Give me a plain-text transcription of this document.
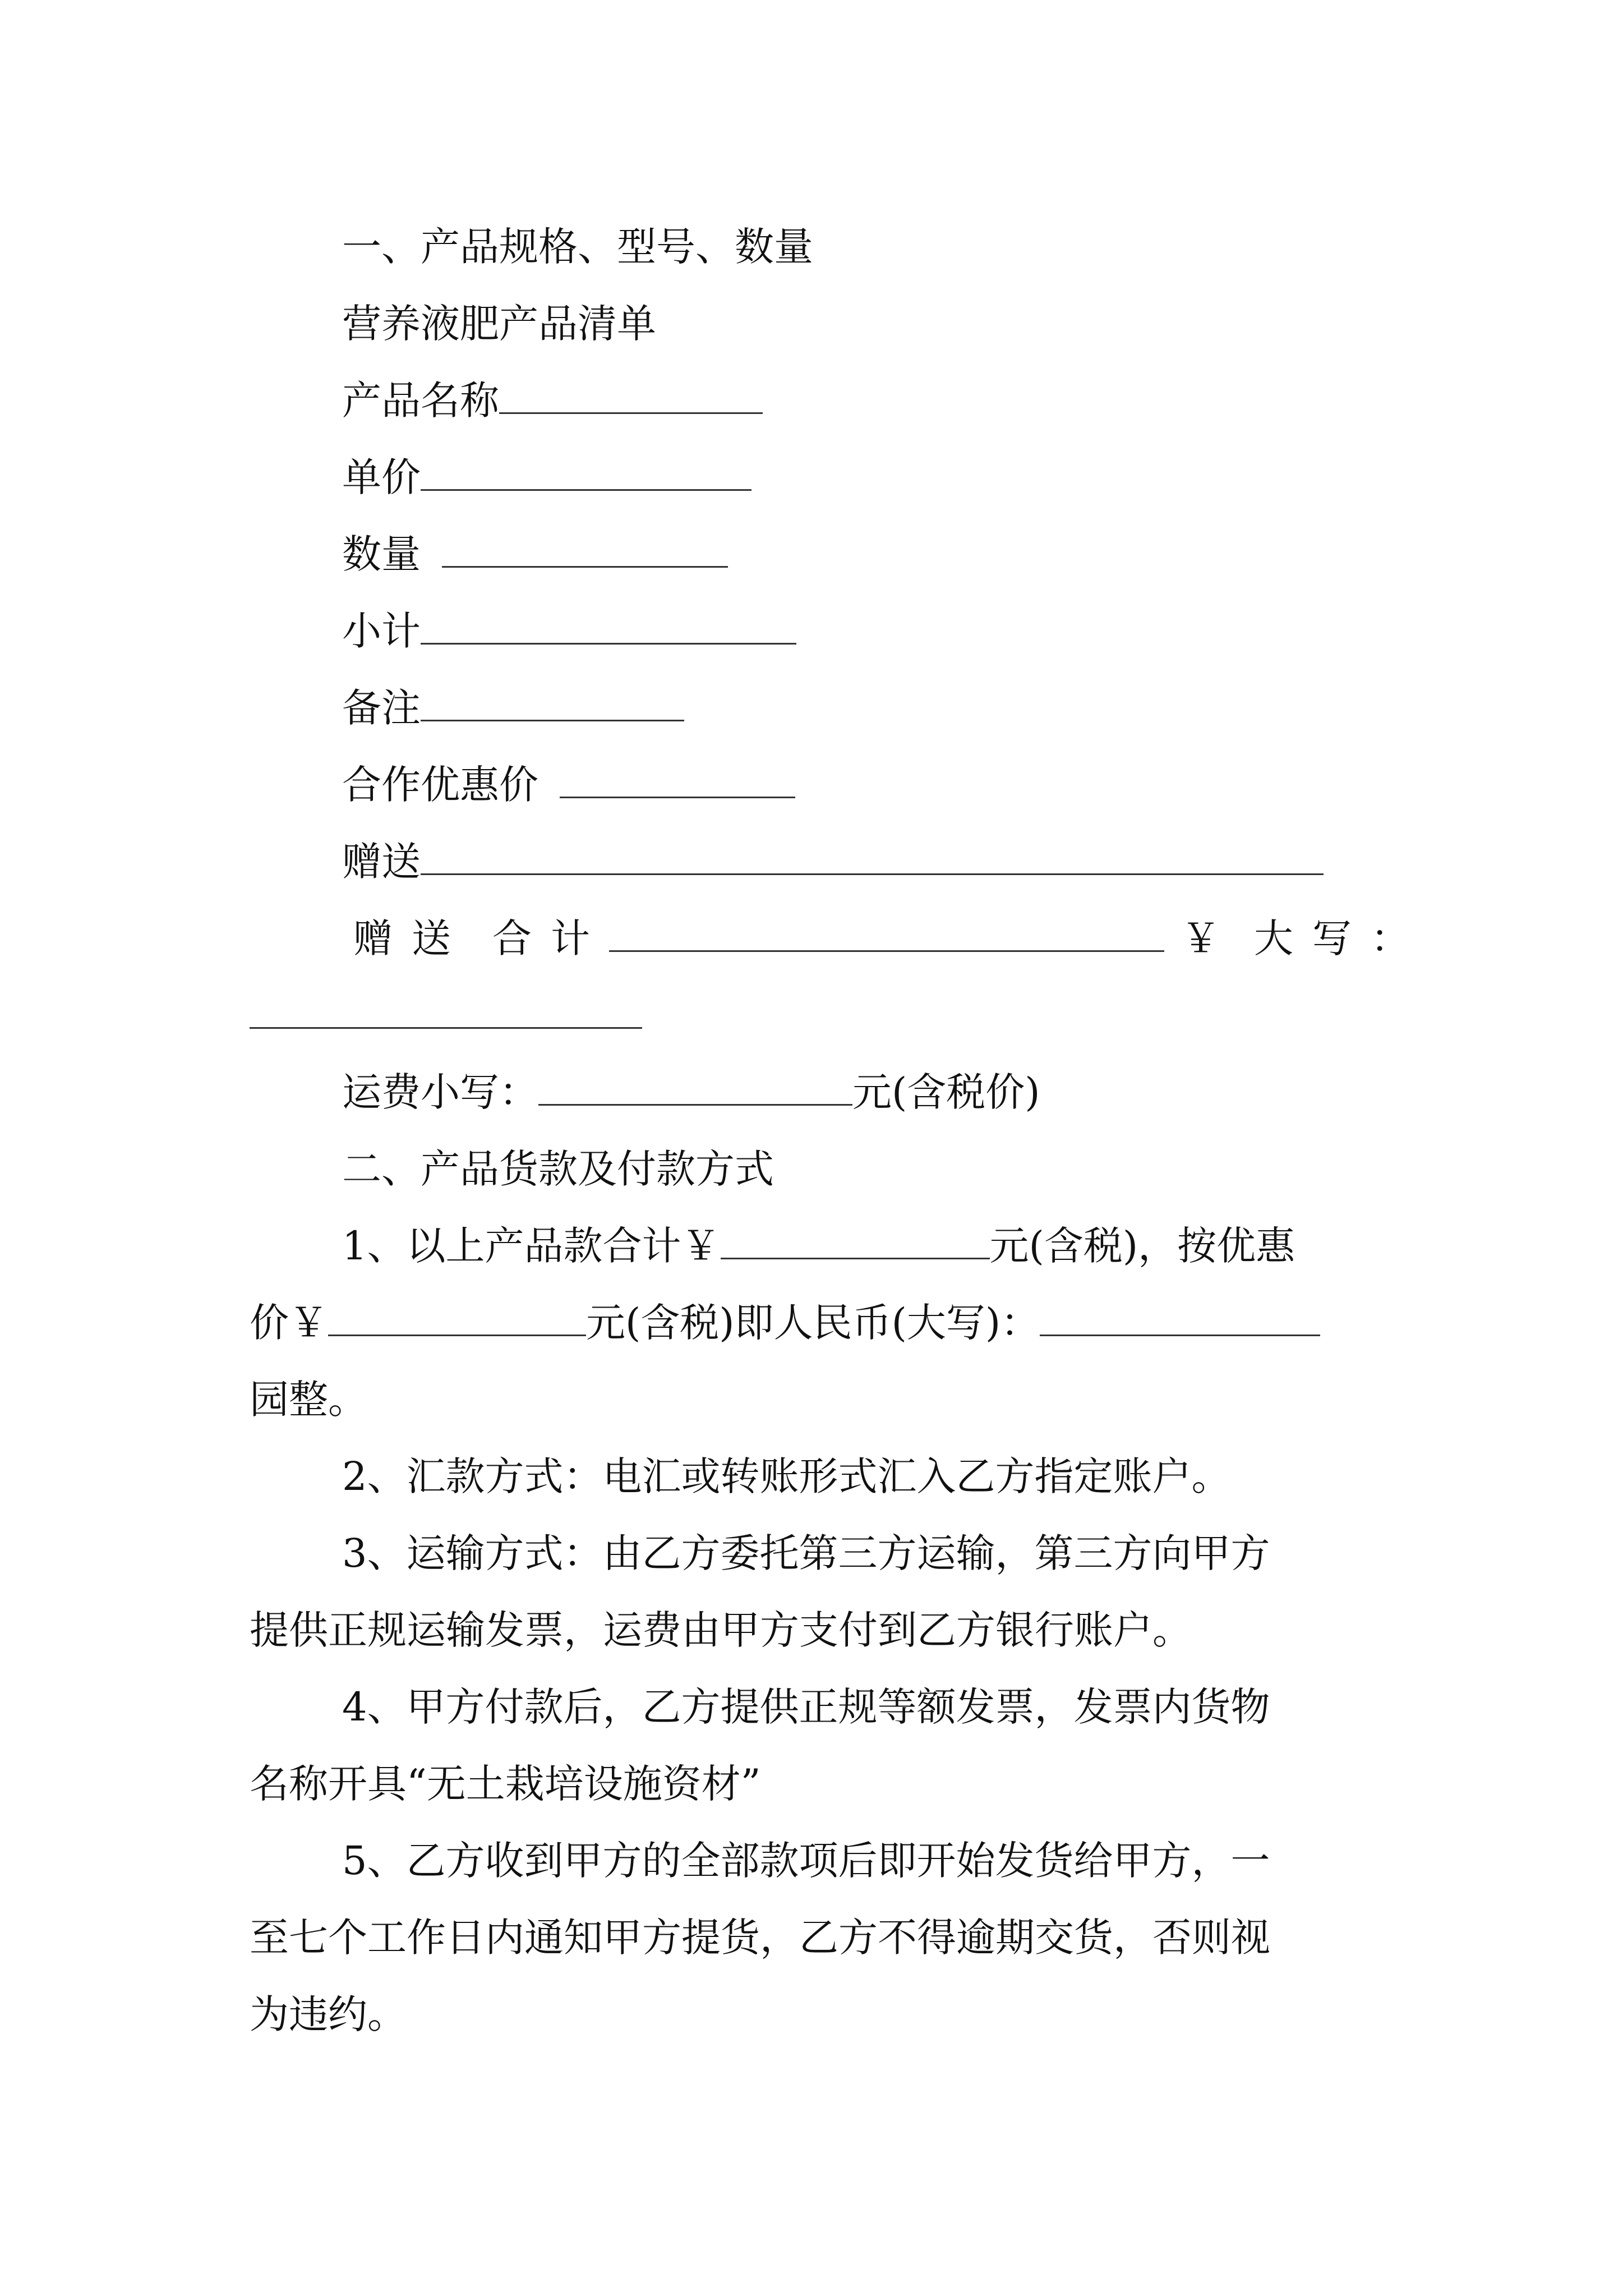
一、产品规格、型号、数量
营养液肥产品清单
产品名称
单价
数量
小计
备注
合作优惠价
赠送
赠送 合计	￥ 大写：
运费小写：	元(含税价)
二、产品货款及付款方式
1、以上产品款合计￥	元(含税)，按优惠
价￥	元(含税)即人民币(大写)：
园整。
2、汇款方式：电汇或转账形式汇入乙方指定账户。
3、运输方式：由乙方委托第三方运输，第三方向甲方
提供正规运输发票，运费由甲方支付到乙方银行账户。
4、甲方付款后，乙方提供正规等额发票，发票内货物
名称开具“无土栽培设施资材”
5、乙方收到甲方的全部款项后即开始发货给甲方，一
至七个工作日内通知甲方提货，乙方不得逾期交货，否则视
为违约。
